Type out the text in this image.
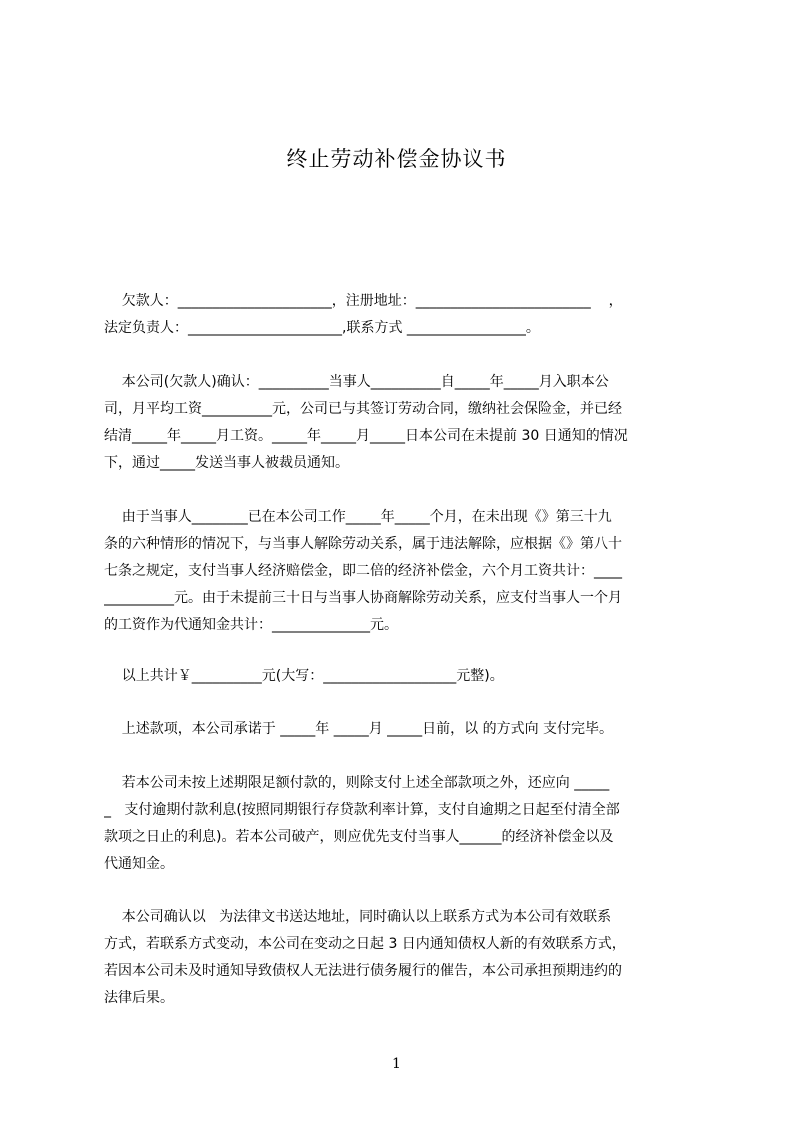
终止劳动补偿金协议书
欠款人：______________________，注册地址：_________________________    ，
法定负责人：______________________,联系方式 _________________。
本公司(欠款人)确认：__________当事人__________自_____年_____月入职本公
司，月平均工资__________元，公司已与其签订劳动合同，缴纳社会保险金，并已经
结清_____年_____月工资。_____年_____月_____日本公司在未提前 30 日通知的情况
下，通过_____发送当事人被裁员通知。
由于当事人________已在本公司工作_____年_____个月，在未出现《》第三十九
条的六种情形的情况下，与当事人解除劳动关系，属于违法解除，应根据《》第八十
七条之规定，支付当事人经济赔偿金，即二倍的经济补偿金，六个月工资共计：____
__________元。由于未提前三十日与当事人协商解除劳动关系，应支付当事人一个月
的工资作为代通知金共计：______________元。
以上共计￥__________元(大写：___________________元整)。
上述款项，本公司承诺于 _____年 _____月 _____日前，以 的方式向 支付完毕。
若本公司未按上述期限足额付款的，则除支付上述全部款项之外，还应向 _____
_   支付逾期付款利息(按照同期银行存贷款利率计算，支付自逾期之日起至付清全部
款项之日止的利息)。若本公司破产，则应优先支付当事人______的经济补偿金以及
代通知金。
本公司确认以   为法律文书送达地址，同时确认以上联系方式为本公司有效联系
方式，若联系方式变动，本公司在变动之日起 3 日内通知债权人新的有效联系方式，
若因本公司未及时通知导致债权人无法进行债务履行的催告，本公司承担预期违约的
法律后果。
1
